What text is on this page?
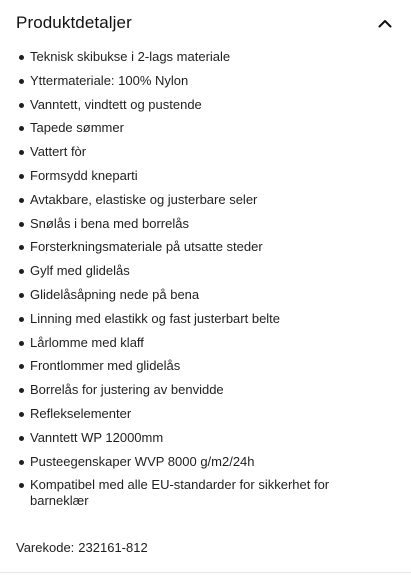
Produktdetaljer
Teknisk skibukse i 2-lags materiale
Yttermateriale: 100% Nylon
Vanntett, vindtett og pustende
Tapede sømmer
Vattert fòr
Formsydd kneparti
Avtakbare, elastiske og justerbare seler
Snølås i bena med borrelås
Forsterkningsmateriale på utsatte steder
Gylf med glidelås
Glidelåsåpning nede på bena
Linning med elastikk og fast justerbart belte
Lårlomme med klaff
Frontlommer med glidelås
Borrelås for justering av benvidde
Reflekselementer
Vanntett WP 12000mm
Pusteegenskaper WVP 8000 g/m2/24h
Kompatibel med alle EU-standarder for sikkerhet for barneklær
Varekode: 232161-812
